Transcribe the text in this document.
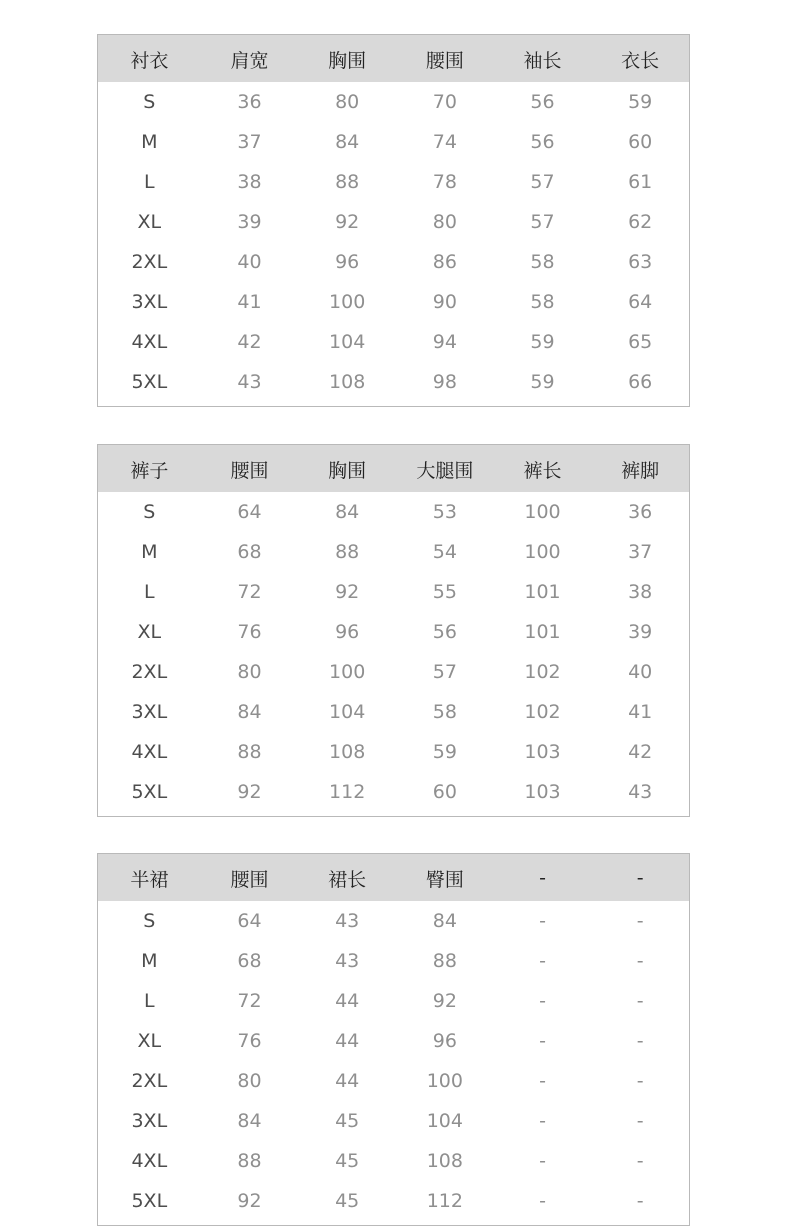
衬衣	肩宽	胸围	腰围	袖长	衣长
S	36	80	70	56	59
M	37	84	74	56	60
L	38	88	78	57	61
XL	39	92	80	57	62
2XL	40	96	86	58	63
3XL	41	100	90	58	64
4XL	42	104	94	59	65
5XL	43	108	98	59	66
裤子	腰围	胸围	大腿围	裤长	裤脚
S	64	84	53	100	36
M	68	88	54	100	37
L	72	92	55	101	38
XL	76	96	56	101	39
2XL	80	100	57	102	40
3XL	84	104	58	102	41
4XL	88	108	59	103	42
5XL	92	112	60	103	43
半裙	腰围	裙长	臀围	-	-
S	64	43	84	-	-
M	68	43	88	-	-
L	72	44	92	-	-
XL	76	44	96	-	-
2XL	80	44	100	-	-
3XL	84	45	104	-	-
4XL	88	45	108	-	-
5XL	92	45	112	-	-
